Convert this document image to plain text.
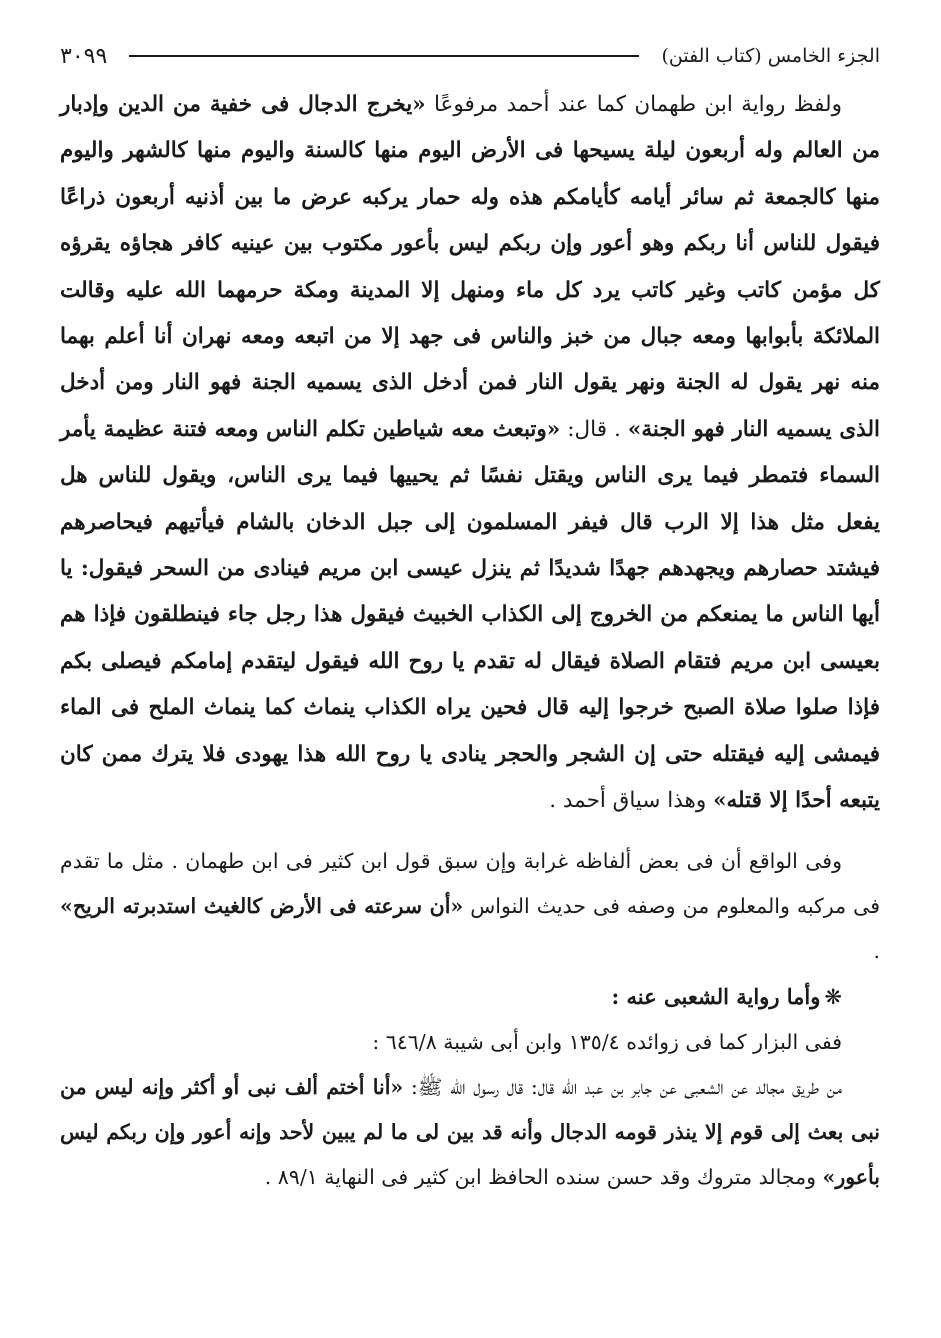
الجزء الخامس (كتاب الفتن)
٣٠٩٩

ولفظ رواية ابن طهمان كما عند أحمد مرفوعًا «يخرج الدجال فى خفية من الدين وإدبار من العالم وله أربعون ليلة يسيحها فى الأرض اليوم منها كالسنة واليوم منها كالشهر واليوم منها كالجمعة ثم سائر أيامه كأيامكم هذه وله حمار يركبه عرض ما بين أذنيه أربعون ذراعًا فيقول للناس أنا ربكم وهو أعور وإن ربكم ليس بأعور مكتوب بين عينيه كافر هجاؤه يقرؤه كل مؤمن كاتب وغير كاتب يرد كل ماء ومنهل إلا المدينة ومكة حرمهما الله عليه وقالت الملائكة بأبوابها ومعه جبال من خبز والناس فى جهد إلا من اتبعه ومعه نهران أنا أعلم بهما منه نهر يقول له الجنة ونهر يقول النار فمن أدخل الذى يسميه الجنة فهو النار ومن أدخل الذى يسميه النار فهو الجنة» . قال: «وتبعث معه شياطين تكلم الناس ومعه فتنة عظيمة يأمر السماء فتمطر فيما يرى الناس ويقتل نفسًا ثم يحييها فيما يرى الناس، ويقول للناس هل يفعل مثل هذا إلا الرب قال فيفر المسلمون إلى جبل الدخان بالشام فيأتيهم فيحاصرهم فيشتد حصارهم ويجهدهم جهدًا شديدًا ثم ينزل عيسى ابن مريم فينادى من السحر فيقول: يا أيها الناس ما يمنعكم من الخروج إلى الكذاب الخبيث فيقول هذا رجل جاء فينطلقون فإذا هم بعيسى ابن مريم فتقام الصلاة فيقال له تقدم يا روح الله فيقول ليتقدم إمامكم فيصلى بكم فإذا صلوا صلاة الصبح خرجوا إليه قال فحين يراه الكذاب ينماث كما ينماث الملح فى الماء فيمشى إليه فيقتله حتى إن الشجر والحجر ينادى يا روح الله هذا يهودى فلا يترك ممن كان يتبعه أحدًا إلا قتله» وهذا سياق أحمد .

وفى الواقع أن فى بعض ألفاظه غرابة وإن سبق قول ابن كثير فى ابن طهمان . مثل ما تقدم فى مركبه والمعلوم من وصفه فى حديث النواس «أن سرعته فى الأرض كالغيث استدبرته الريح» .

❋وأما رواية الشعبى عنه :

ففى البزار كما فى زوائده ١٣٥/٤ وابن أبى شيبة ٦٤٦/٨ :

من طريق مجالد عن الشعبى عن جابر بن عبد الله قال: قال رسول الله ﷺ: «أنا أختم ألف نبى أو أكثر وإنه ليس من نبى بعث إلى قوم إلا ينذر قومه الدجال وأنه قد بين لى ما لم يبين لأحد وإنه أعور وإن ربكم ليس بأعور» ومجالد متروك وقد حسن سنده الحافظ ابن كثير فى النهاية ٨٩/١ .
